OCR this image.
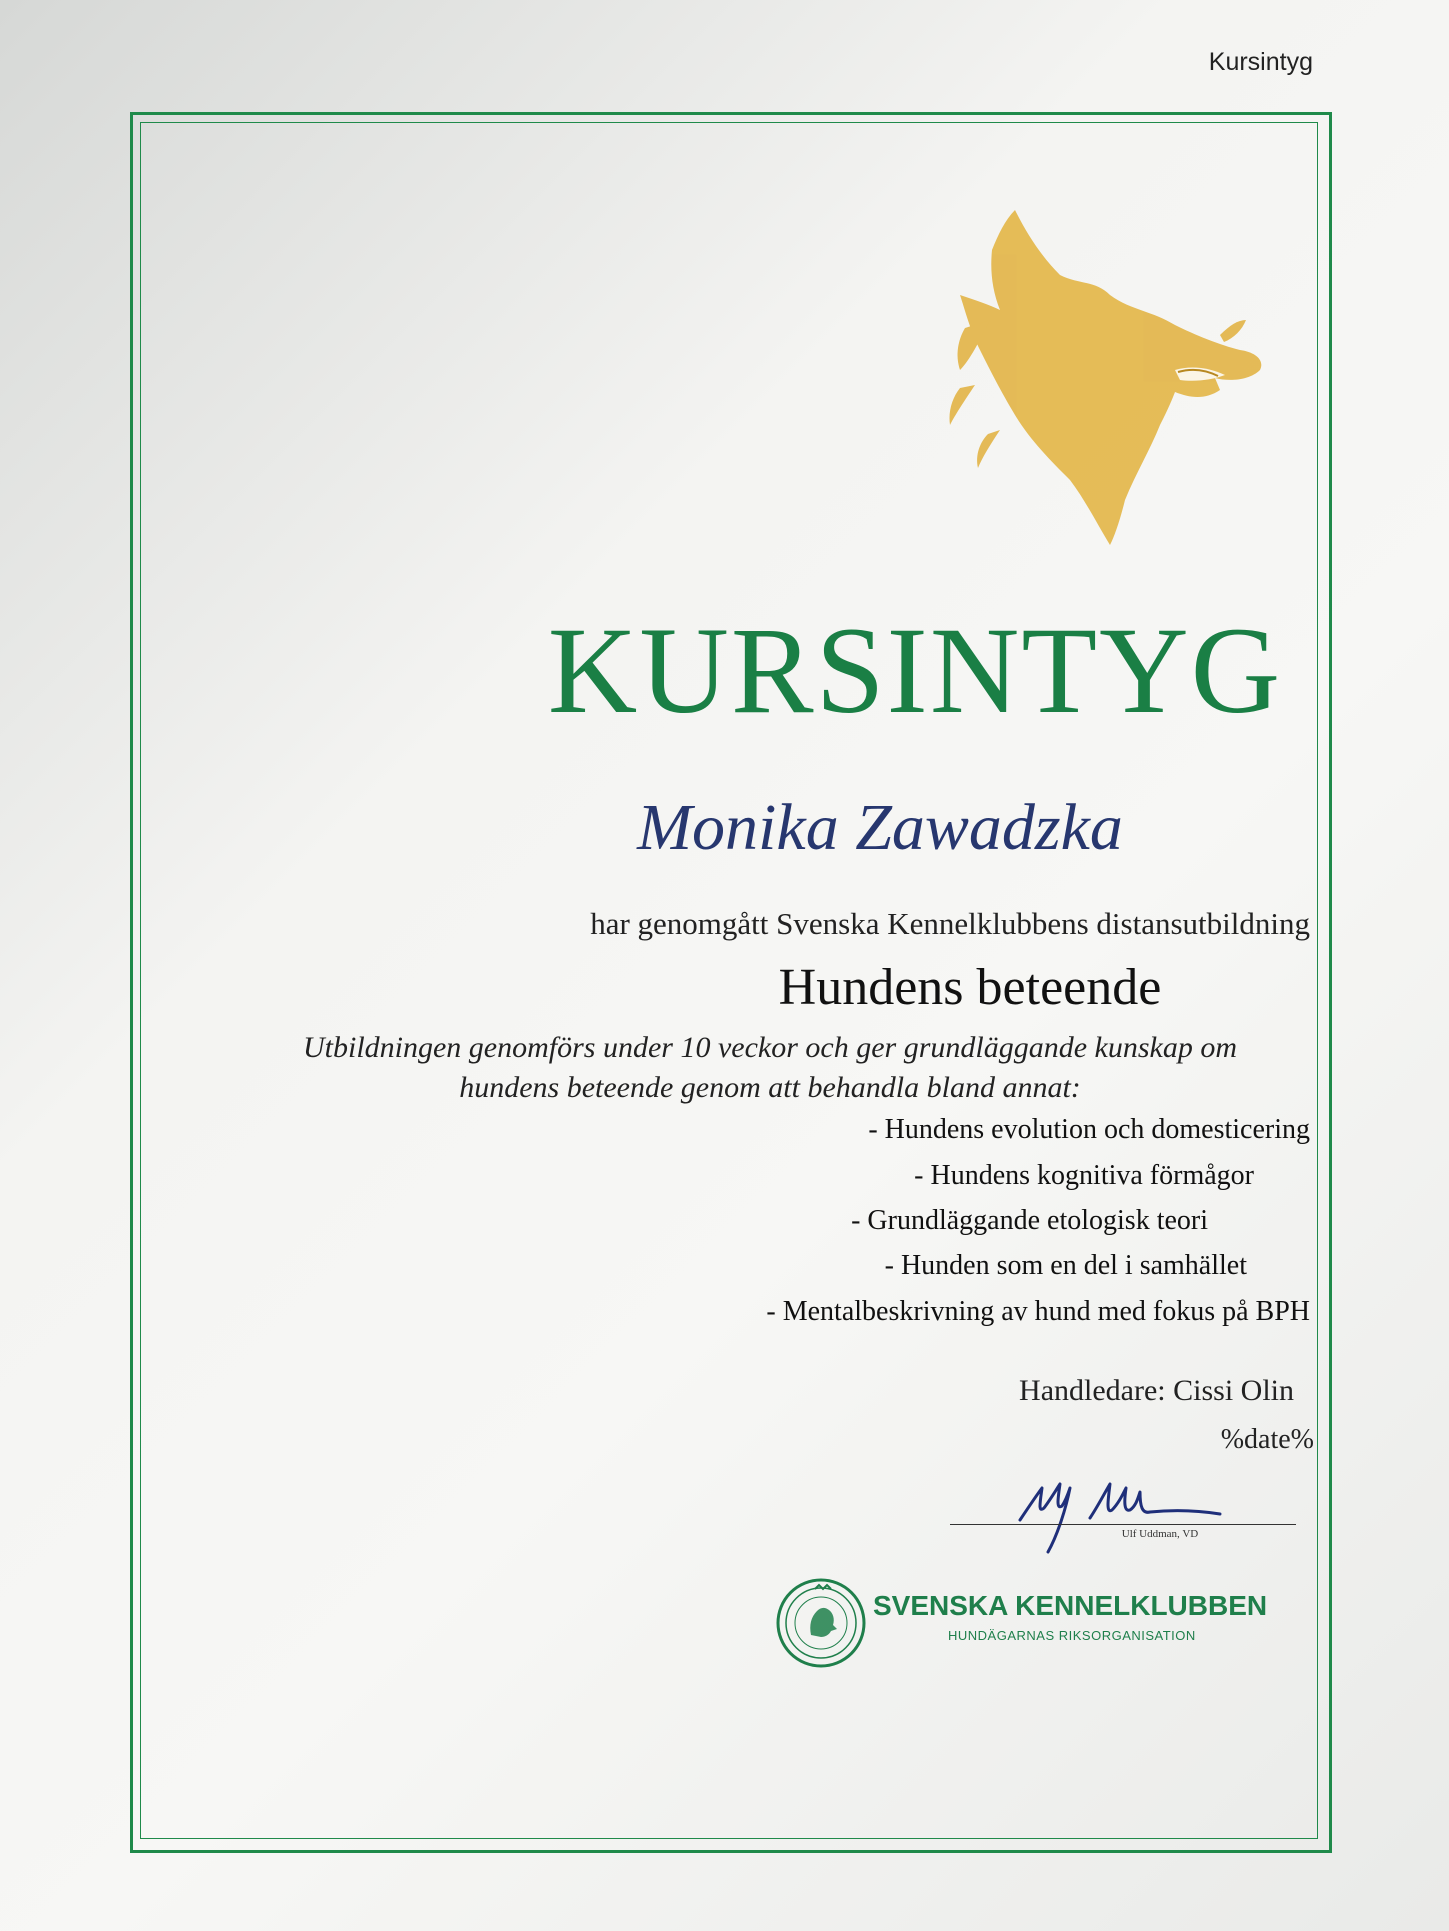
Kursintyg
KURSINTYG
Monika Zawadzka
har genomgått Svenska Kennelklubbens distansutbildning
Hundens beteende
Utbildningen genomförs under 10 veckor och ger grundläggande kunskap om
hundens beteende genom att behandla bland annat:
- Hundens evolution och domesticering
- Hundens kognitiva förmågor
- Grundläggande etologisk teori
- Hunden som en del i samhället
- Mentalbeskrivning av hund med fokus på BPH
Handledare: Cissi Olin
%date%
Ulf Uddman, VD
SVENSKA KENNELKLUBBEN
HUNDÄGARNAS RIKSORGANISATION
